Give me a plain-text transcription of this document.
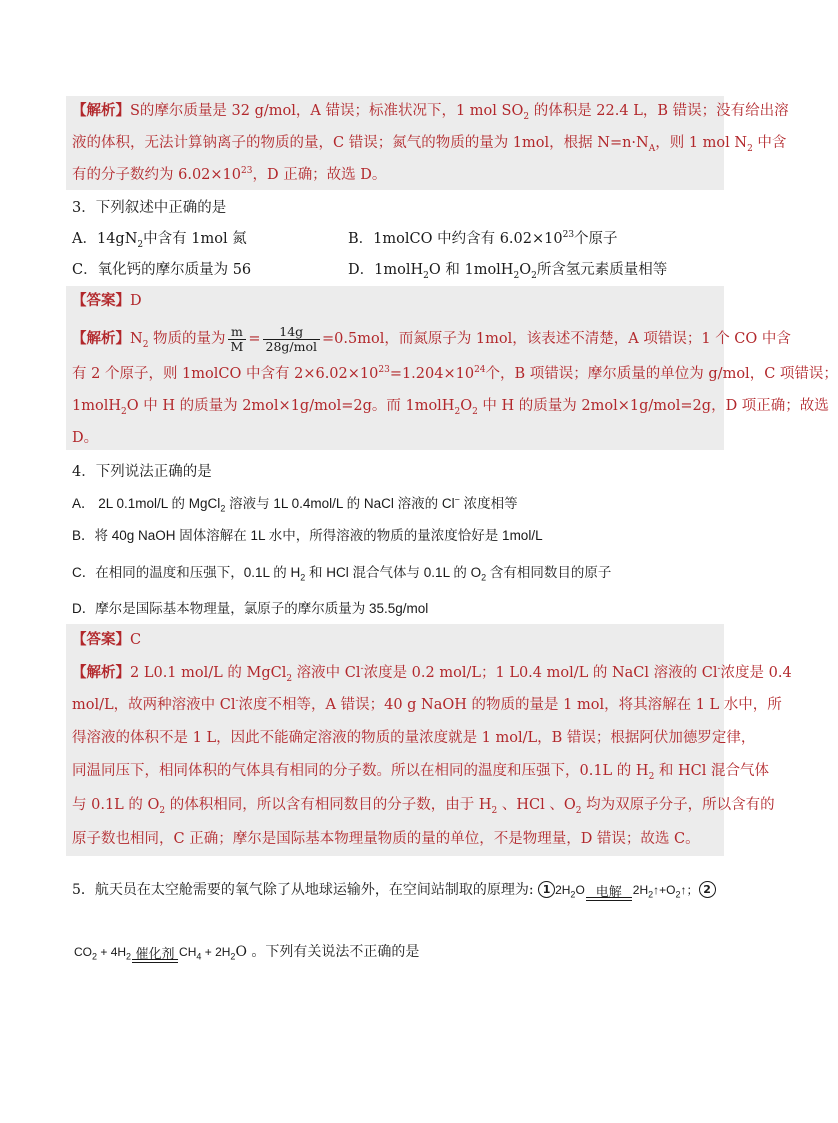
【解析】S的摩尔质量是 32 g/mol，A 错误；标准状况下，1 mol $SO_2$ 的体积是 22.4 L，B 错误；没有给出溶
液的体积，无法计算钠离子的物质的量，C 错误；氮气的物质的量为 1mol，根据 $N=n\cdot N_A$，则 1 mol $N_2$ 中含
有的分子数约为 $6.02\times 10^{23}$，D 正确；故选 D。
3．下列叙述中正确的是
A．$14gN_2$中含有 1mol 氮	B．1molCO 中约含有 $6.02\times 10^{23}$个原子
C．氧化钙的摩尔质量为 56	D．1molH$_2$O 和 $1molH_2O_2$所含氢元素质量相等
【答案】D
【解析】$N_2$ 物质的量为 $\frac{m}{M} = \frac{14g}{\text{28g/mol}} =0.5mol$，而氮原子为 1mol，该表述不清楚，A 项错误；1 个 CO 中含
有 2 个原子，则 1molCO 中含有 $2\times 6.02\times 10^{23}=1.204\times 10^{24}$个，B 项错误；摩尔质量的单位为 g/mol，C 项错误；
1molH$_2$O 中 H 的质量为 2mol×1g/mol=2g。而 $1molH_2O_2$ 中 H 的质量为 2mol×1g/mol=2g，D 项正确；故选
D。
4．下列说法正确的是
A． 2L 0.1mol/L 的 MgCl$_2$ 溶液与 1L 0.4mol/L 的 NaCl 溶液的 Cl− 浓度相等
B．将 40g NaOH 固体溶解在 1L 水中，所得溶液的物质的量浓度恰好是 1mol/L
C．在相同的温度和压强下，0.1L 的 $H_2$ 和 HCl 混合气体与 0.1L 的 $O_2$ 含有相同数目的原子
D．摩尔是国际基本物理量，氯原子的摩尔质量为 35.5g/mol
【答案】C
【解析】2 L0.1 mol/L 的 MgCl$_2$ 溶液中 Cl-浓度是 0.2 mol/L；1 L0.4 mol/L 的 NaCl 溶液的 Cl-浓度是 0.4
mol/L，故两种溶液中 Cl-浓度不相等，A 错误；40 g NaOH 的物质的量是 1 mol，将其溶解在 1 L 水中，所
得溶液的体积不是 1 L，因此不能确定溶液的物质的量浓度就是 1 mol/L，B 错误；根据阿伏加德罗定律，
同温同压下，相同体积的气体具有相同的分子数。所以在相同的温度和压强下，0.1L 的 $H_2$ 和 HCl 混合气体
与 0.1L 的 $O_2$ 的体积相同，所以含有相同数目的分子数，由于 $H_2$ 、HCl 、$O_2$ 均为双原子分子，所以含有的
原子数也相同，C 正确；摩尔是国际基本物理量物质的量的单位，不是物理量，D 错误；故选 C。
5．航天员在太空舱需要的氧气除了从地球运输外，在空间站制取的原理为: 1 $2H_2O$ 电解 $2H_2↑+O_2↑$； 2
$CO_2 + 4H_2$ 催化剂 $CH_4 + 2H_2O$ 。下列有关说法不正确的是
